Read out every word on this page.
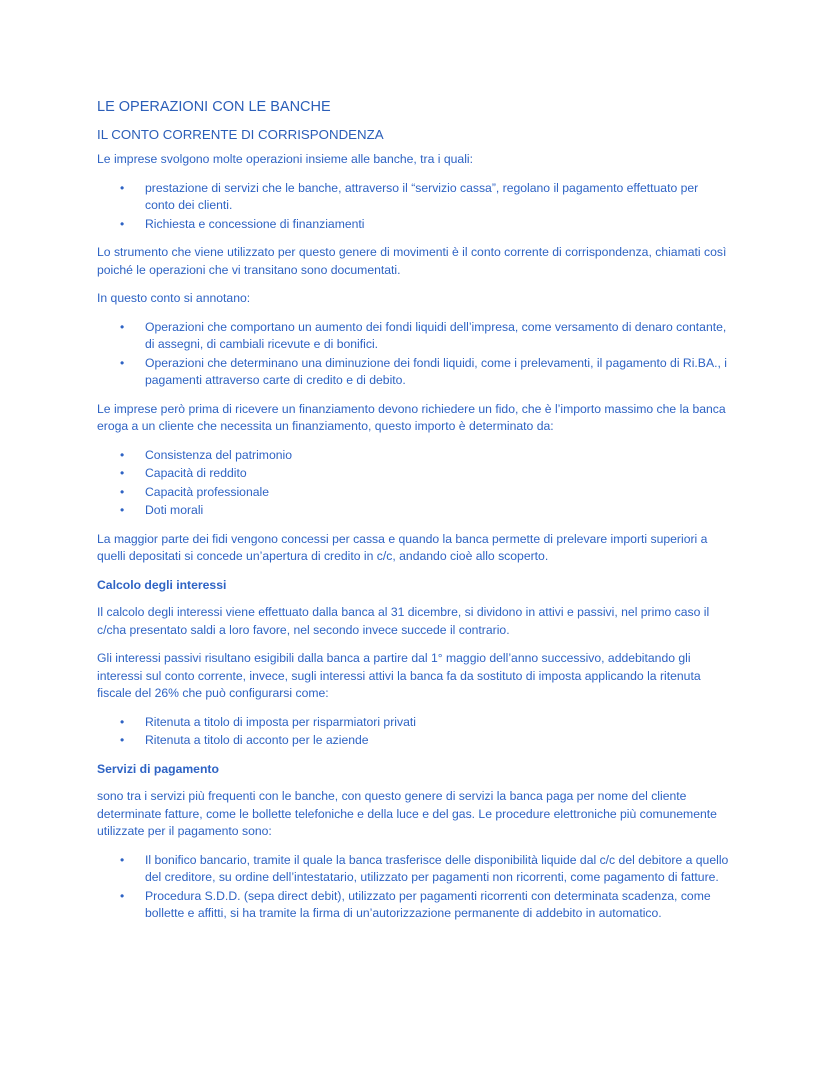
LE OPERAZIONI CON LE BANCHE
IL CONTO CORRENTE DI CORRISPONDENZA

Le imprese svolgono molte operazioni insieme alle banche, tra i quali:

• prestazione di servizi che le banche, attraverso il “servizio cassa”, regolano il pagamento effettuato per conto dei clienti.
• Richiesta e concessione di finanziamenti

Lo strumento che viene utilizzato per questo genere di movimenti è il conto corrente di corrispondenza, chiamati così poiché le operazioni che vi transitano sono documentati.

In questo conto si annotano:

• Operazioni che comportano un aumento dei fondi liquidi dell’impresa, come versamento di denaro contante, di assegni, di cambiali ricevute e di bonifici.
• Operazioni che determinano una diminuzione dei fondi liquidi, come i prelevamenti, il pagamento di Ri.BA., i pagamenti attraverso carte di credito e di debito.

Le imprese però prima di ricevere un finanziamento devono richiedere un fido, che è l’importo massimo che la banca eroga a un cliente che necessita un finanziamento, questo importo è determinato da:

• Consistenza del patrimonio
• Capacità di reddito
• Capacità professionale
• Doti morali

La maggior parte dei fidi vengono concessi per cassa e quando la banca permette di prelevare importi superiori a quelli depositati si concede un’apertura di credito in c/c, andando cioè allo scoperto.

Calcolo degli interessi

Il calcolo degli interessi viene effettuato dalla banca al 31 dicembre, si dividono in attivi e passivi, nel primo caso il c/cha presentato saldi a loro favore, nel secondo invece succede il contrario.

Gli interessi passivi risultano esigibili dalla banca a partire dal 1° maggio dell’anno successivo, addebitando gli interessi sul conto corrente, invece, sugli interessi attivi la banca fa da sostituto di imposta applicando la ritenuta fiscale del 26% che può configurarsi come:

• Ritenuta a titolo di imposta per risparmiatori privati
• Ritenuta a titolo di acconto per le aziende

Servizi di pagamento

sono tra i servizi più frequenti con le banche, con questo genere di servizi la banca paga per nome del cliente determinate fatture, come le bollette telefoniche e della luce e del gas. Le procedure elettroniche più comunemente utilizzate per il pagamento sono:

• Il bonifico bancario, tramite il quale la banca trasferisce delle disponibilità liquide dal c/c del debitore a quello del creditore, su ordine dell’intestatario, utilizzato per pagamenti non ricorrenti, come pagamento di fatture.
• Procedura S.D.D. (sepa direct debit), utilizzato per pagamenti ricorrenti con determinata scadenza, come bollette e affitti, si ha tramite la firma di un’autorizzazione permanente di addebito in automatico.
